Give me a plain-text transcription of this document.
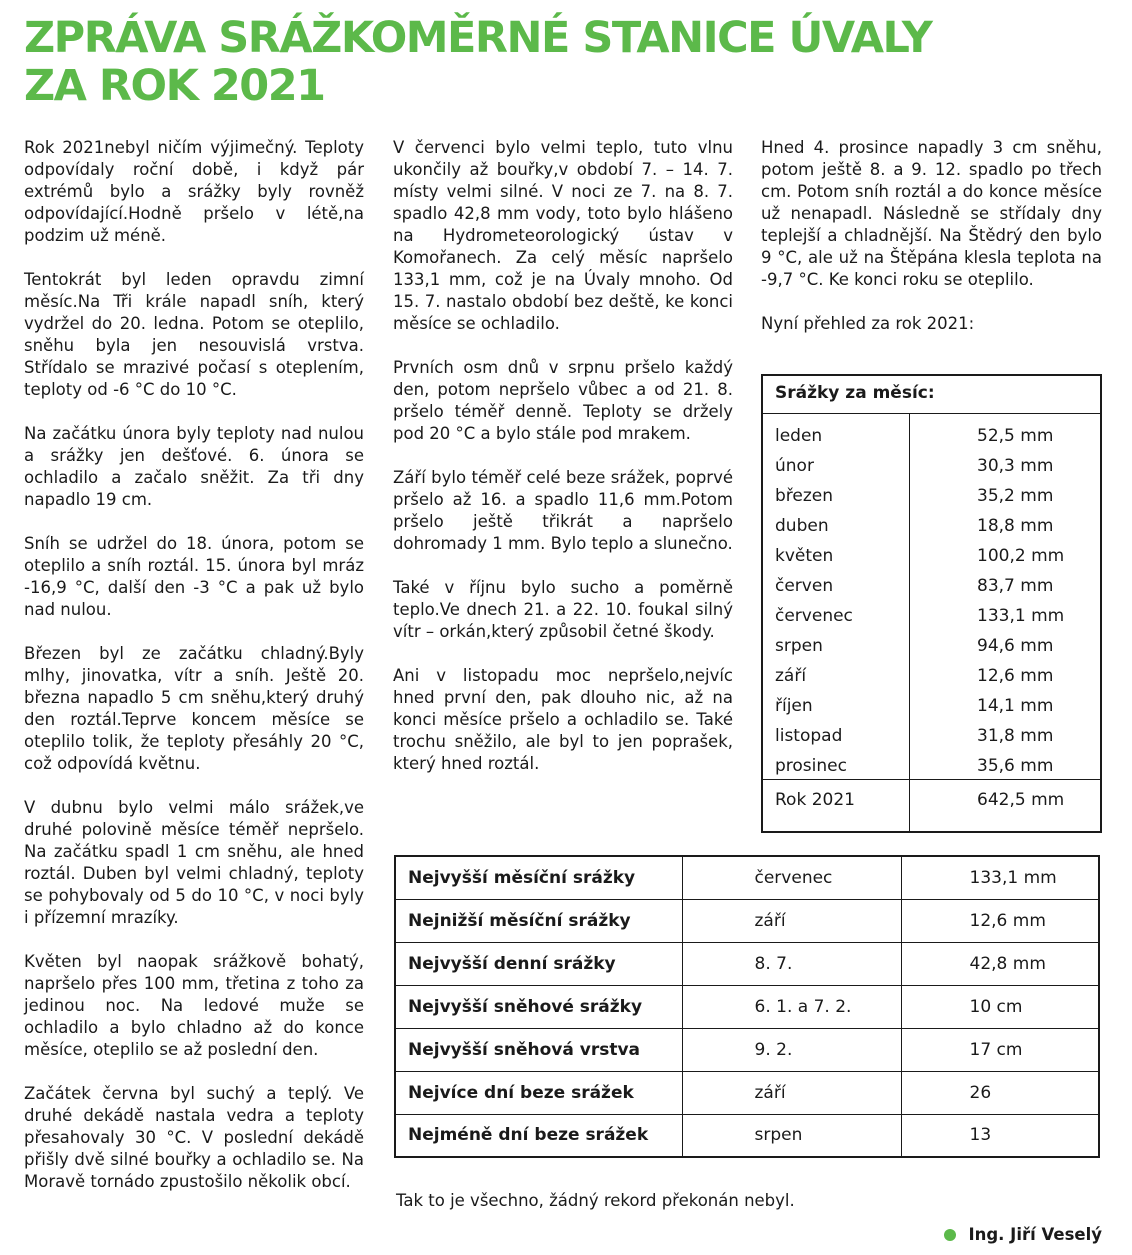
ZPRÁVA SRÁŽKOMĚRNÉ STANICE ÚVALY
ZA ROK 2021

Rok 2021nebyl ničím výjimečný. Teploty odpovídaly roční době, i když pár extrémů bylo a srážky byly rovněž odpovídající.Hodně pršelo v létě,na podzim už méně.

Tentokrát byl leden opravdu zimní měsíc.Na Tři krále napadl sníh, který vydržel do 20. ledna. Potom se oteplilo, sněhu byla jen nesouvislá vrstva. Střídalo se mrazivé počasí s oteplením, teploty od -6 °C do 10 °C.

Na začátku února byly teploty nad nulou a srážky jen dešťové. 6. února se ochladilo a začalo sněžit. Za tři dny napadlo 19 cm.

Sníh se udržel do 18. února, potom se oteplilo a sníh roztál. 15. února byl mráz -16,9 °C, další den -3 °C a pak už bylo nad nulou.

Březen byl ze začátku chladný.Byly mlhy, jinovatka, vítr a sníh. Ještě 20. března napadlo 5 cm sněhu,který druhý den roztál.Teprve koncem měsíce se oteplilo tolik, že teploty přesáhly 20 °C, což odpovídá květnu.

V dubnu bylo velmi málo srážek,ve druhé polovině měsíce téměř nepršelo. Na začátku spadl 1 cm sněhu, ale hned roztál. Duben byl velmi chladný, teploty se pohybovaly od 5 do 10 °C, v noci byly i přízemní mrazíky.

Květen byl naopak srážkově bohatý, napršelo přes 100 mm, třetina z toho za jedinou noc. Na ledové muže se ochladilo a bylo chladno až do konce měsíce, oteplilo se až poslední den.

Začátek června byl suchý a teplý. Ve druhé dekádě nastala vedra a teploty přesahovaly 30 °C. V poslední dekádě přišly dvě silné bouřky a ochladilo se. Na Moravě tornádo zpustošilo několik obcí.

V červenci bylo velmi teplo, tuto vlnu ukončily až bouřky,v období 7. – 14. 7. místy velmi silné. V noci ze 7. na 8. 7. spadlo 42,8 mm vody, toto bylo hlášeno na Hydrometeorologický ústav v Komořanech. Za celý měsíc napršelo 133,1 mm, což je na Úvaly mnoho. Od 15. 7. nastalo období bez deště, ke konci měsíce se ochladilo.

Prvních osm dnů v srpnu pršelo každý den, potom nepršelo vůbec a od 21. 8. pršelo téměř denně. Teploty se držely pod 20 °C a bylo stále pod mrakem.

Září bylo téměř celé beze srážek, poprvé pršelo až 16. a spadlo 11,6 mm.Potom pršelo ještě třikrát a napršelo dohromady 1 mm. Bylo teplo a slunečno.

Také v říjnu bylo sucho a poměrně teplo.Ve dnech 21. a 22. 10. foukal silný vítr – orkán,který způsobil četné škody.

Ani v listopadu moc nepršelo,nejvíc hned první den, pak dlouho nic, až na konci měsíce pršelo a ochladilo se. Také trochu sněžilo, ale byl to jen poprašek, který hned roztál.

Hned 4. prosince napadly 3 cm sněhu, potom ještě 8. a 9. 12. spadlo po třech cm. Potom sníh roztál a do konce měsíce už nenapadl. Následně se střídaly dny teplejší a chladnější. Na Štědrý den bylo 9 °C, ale už na Štěpána klesla teplota na -9,7 °C. Ke konci roku se oteplilo.

Nyní přehled za rok 2021:

Srážky za měsíc:
leden	52,5 mm
únor	30,3 mm
březen	35,2 mm
duben	18,8 mm
květen	100,2 mm
červen	83,7 mm
červenec	133,1 mm
srpen	94,6 mm
září	12,6 mm
říjen	14,1 mm
listopad	31,8 mm
prosinec	35,6 mm
Rok 2021	642,5 mm
Nejvyšší měsíční srážky	červenec	133,1 mm
Nejnižší měsíční srážky	září	12,6 mm
Nejvyšší denní srážky	8. 7.	42,8 mm
Nejvyšší sněhové srážky	6. 1. a 7. 2.	10 cm
Nejvyšší sněhová vrstva	9. 2.	17 cm
Nejvíce dní beze srážek	září	26
Nejméně dní beze srážek	srpen	13
Tak to je všechno, žádný rekord překonán nebyl.
Ing. Jiří Veselý
